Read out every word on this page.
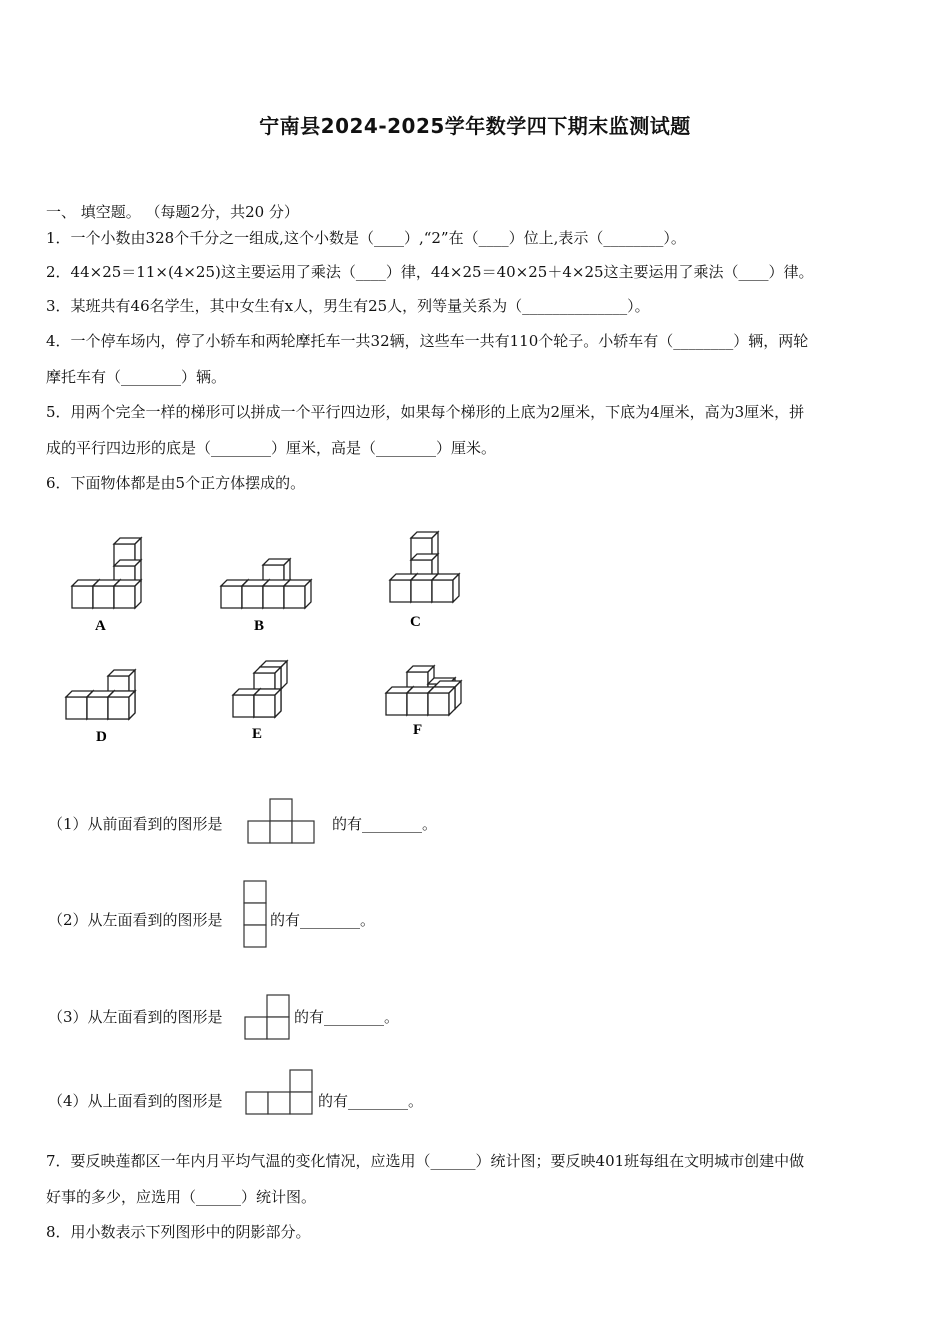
宁南县2024-2025学年数学四下期末监测试题
一、 填空题。 （每题2分，共20 分）
1．一个小数由328个千分之一组成,这个小数是（____）,“2”在（____）位上,表示（________）。
2．44×25＝11×(4×25)这主要运用了乘法（____）律，44×25＝40×25＋4×25这主要运用了乘法（____）律。
3．某班共有46名学生，其中女生有x人，男生有25人，列等量关系为（______________）。
4．一个停车场内，停了小轿车和两轮摩托车一共32辆，这些车一共有110个轮子。小轿车有（________）辆，两轮
摩托车有（________）辆。
5．用两个完全一样的梯形可以拼成一个平行四边形，如果每个梯形的上底为2厘米，下底为4厘米，高为3厘米，拼
成的平行四边形的底是（________）厘米，高是（________）厘米。
6．下面物体都是由5个正方体摆成的。
A	B	C
D	E	F
（1）从前面看到的图形是	的有________。
（2）从左面看到的图形是	的有________。
（3）从左面看到的图形是	的有________。
（4）从上面看到的图形是	的有________。
7．要反映莲都区一年内月平均气温的变化情况，应选用（______）统计图；要反映401班每组在文明城市创建中做
好事的多少，应选用（______）统计图。
8．用小数表示下列图形中的阴影部分。
